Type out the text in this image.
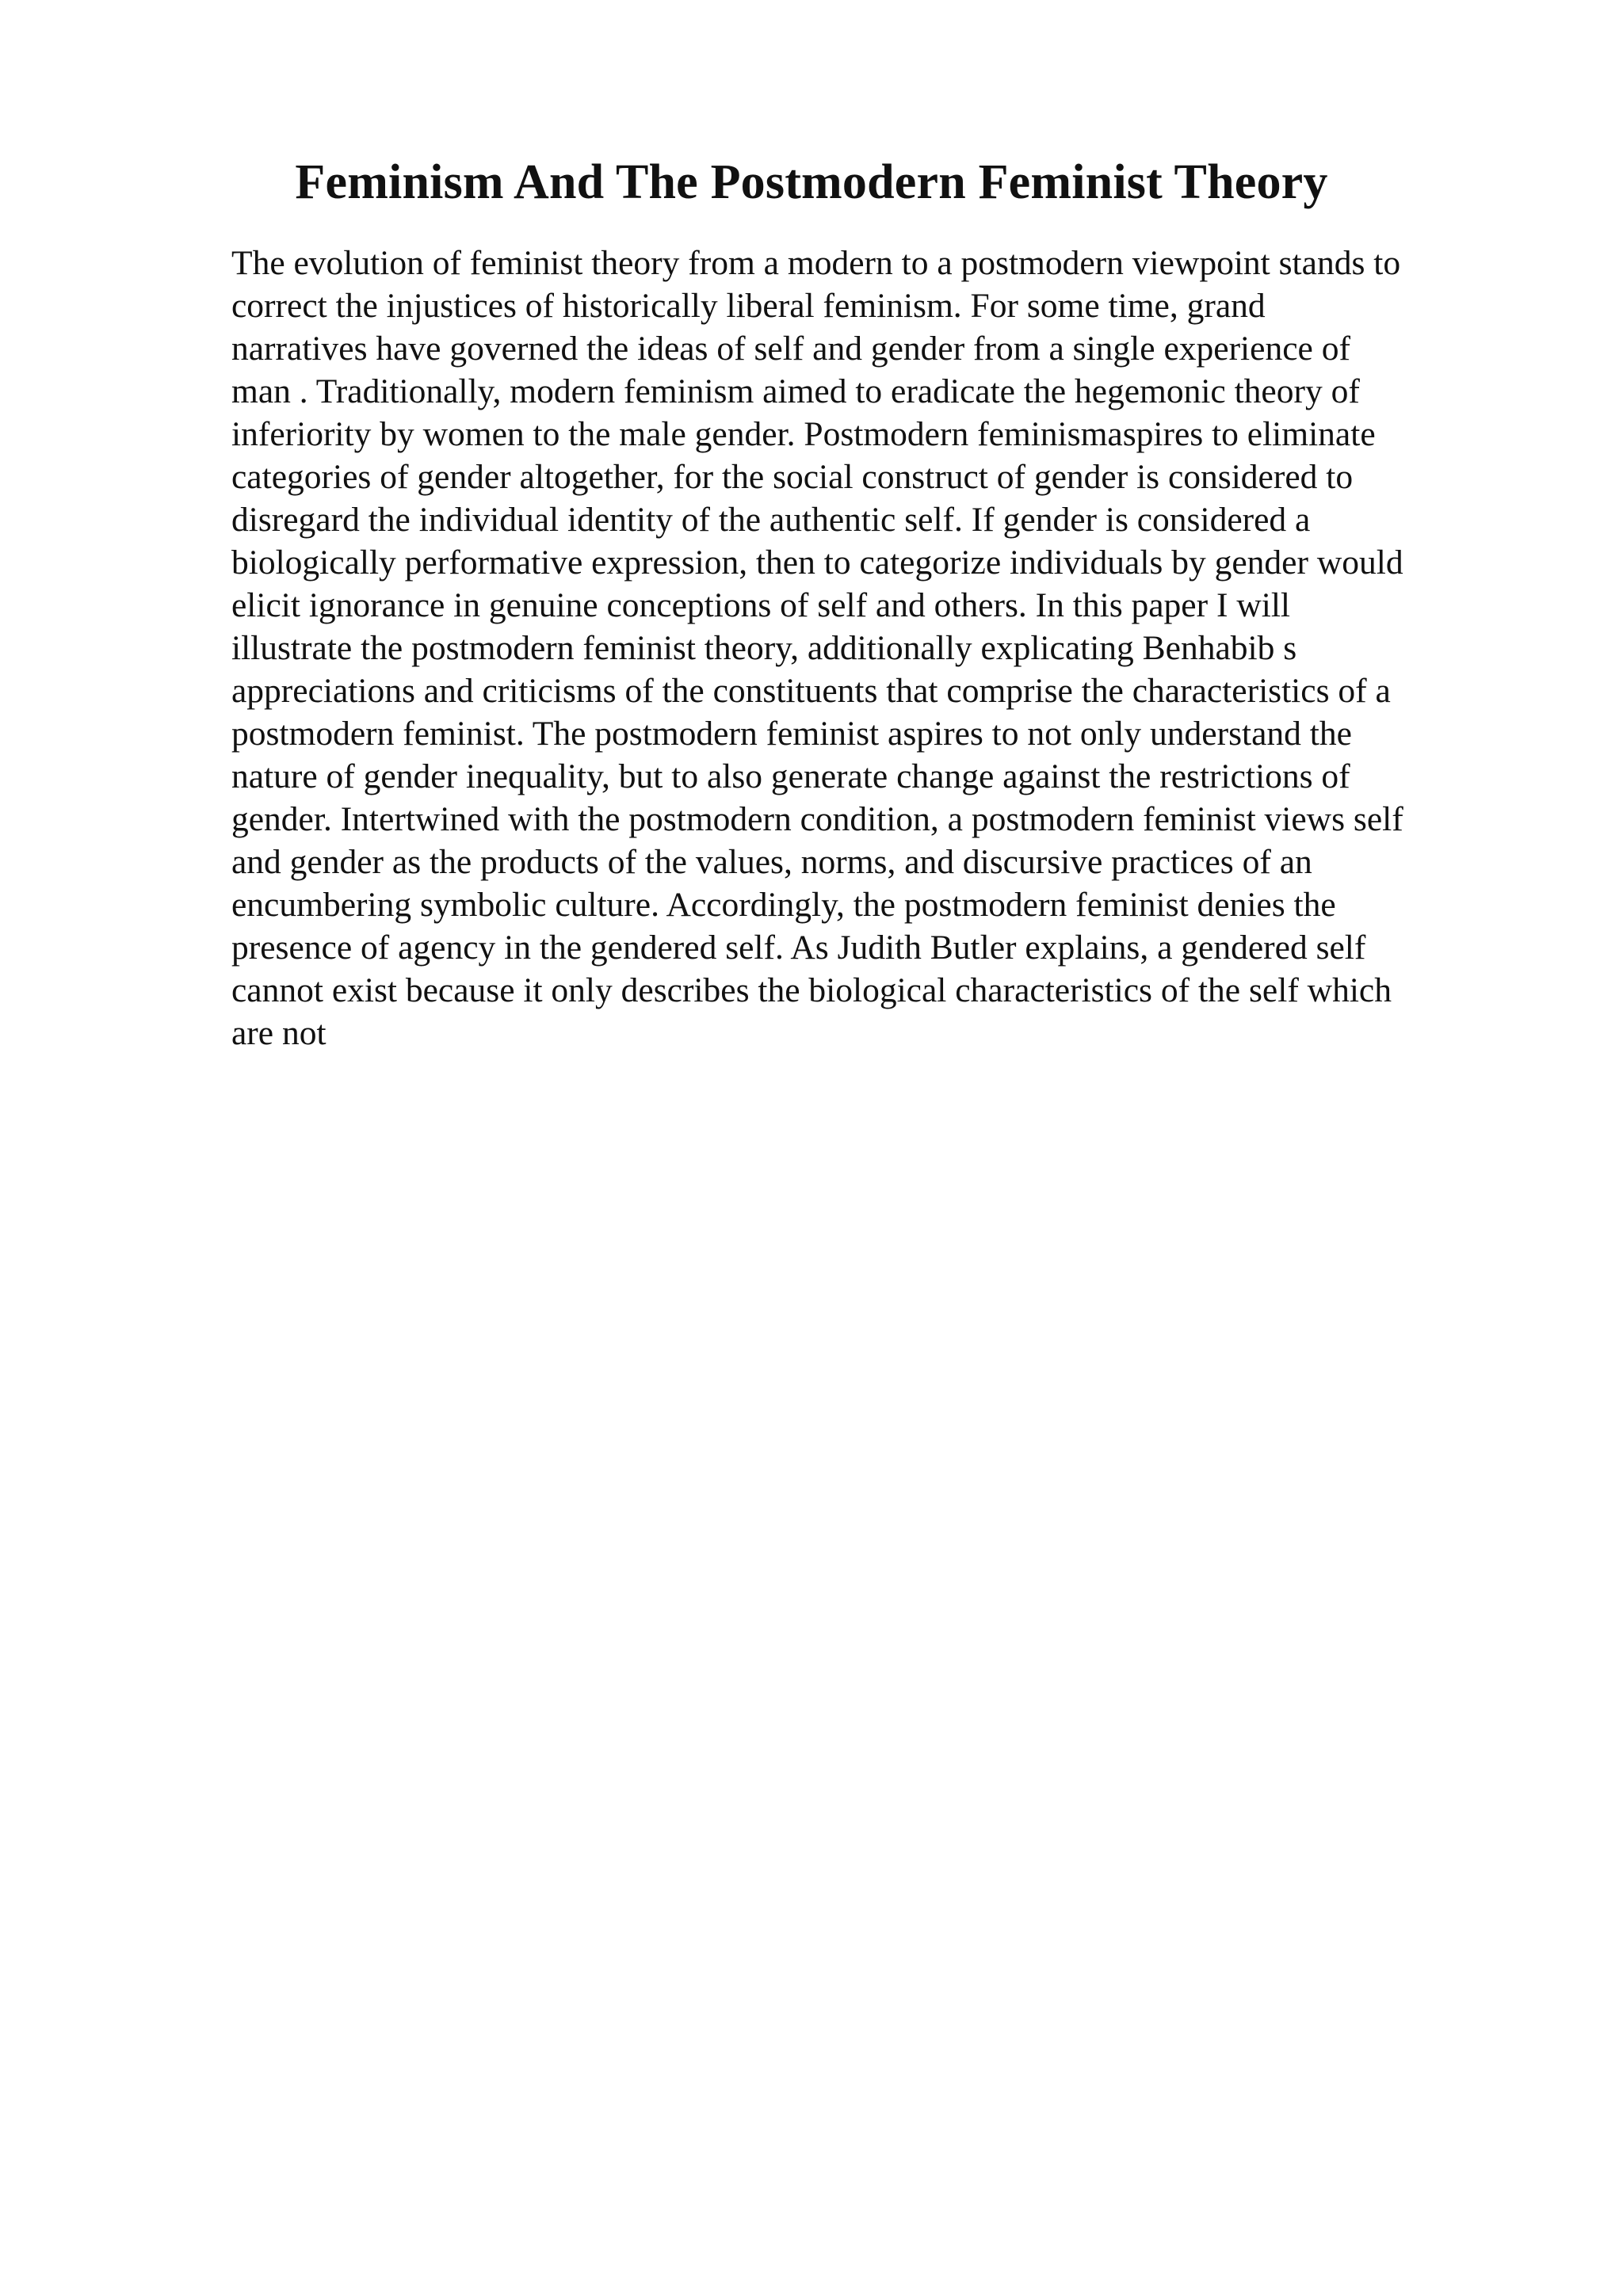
Feminism And The Postmodern Feminist Theory
The evolution of feminist theory from a modern to a postmodern viewpoint stands to
correct the injustices of historically liberal feminism. For some time, grand
narratives have governed the ideas of self and gender from a single experience of
man . Traditionally, modern feminism aimed to eradicate the hegemonic theory of
inferiority by women to the male gender. Postmodern feminismaspires to eliminate
categories of gender altogether, for the social construct of gender is considered to
disregard the individual identity of the authentic self. If gender is considered a
biologically performative expression, then to categorize individuals by gender would
elicit ignorance in genuine conceptions of self and others. In this paper I will
illustrate the postmodern feminist theory, additionally explicating Benhabib s
appreciations and criticisms of the constituents that comprise the characteristics of a
postmodern feminist. The postmodern feminist aspires to not only understand the
nature of gender inequality, but to also generate change against the restrictions of
gender. Intertwined with the postmodern condition, a postmodern feminist views self
and gender as the products of the values, norms, and discursive practices of an
encumbering symbolic culture. Accordingly, the postmodern feminist denies the
presence of agency in the gendered self. As Judith Butler explains, a gendered self
cannot exist because it only describes the biological characteristics of the self which
are not
